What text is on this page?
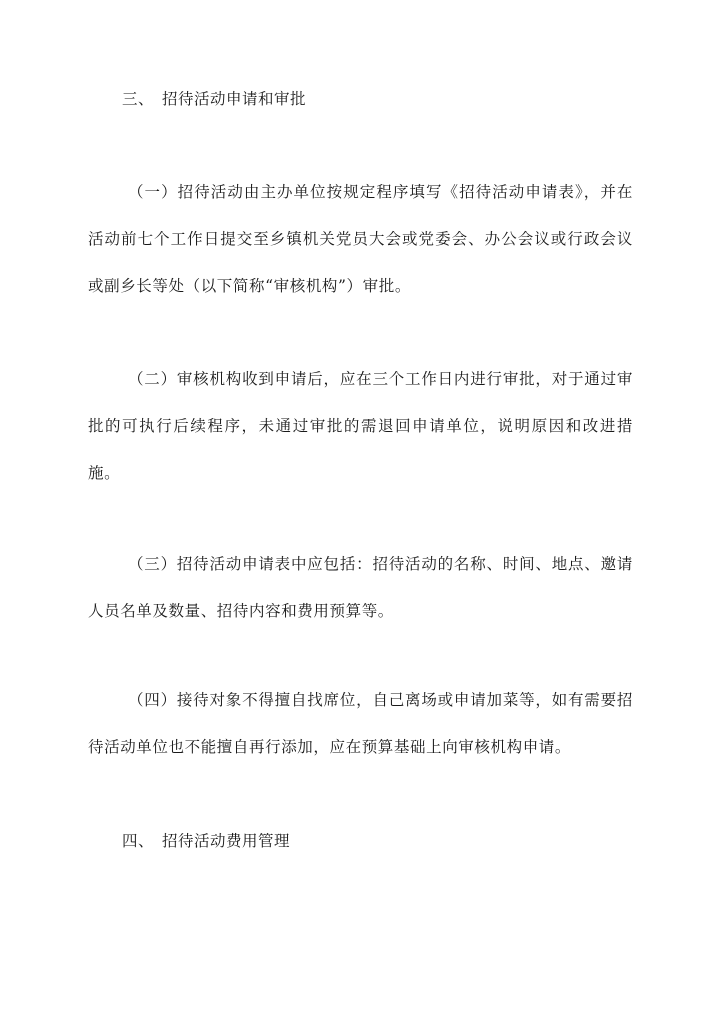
三、 招待活动申请和审批
（一）招待活动由主办单位按规定程序填写《招待活动申请表》，并在活动前七个工作日提交至乡镇机关党员大会或党委会、办公会议或行政会议或副乡长等处（以下简称“审核机构”）审批。
（二）审核机构收到申请后，应在三个工作日内进行审批，对于通过审批的可执行后续程序，未通过审批的需退回申请单位，说明原因和改进措施。
（三）招待活动申请表中应包括：招待活动的名称、时间、地点、邀请人员名单及数量、招待内容和费用预算等。
（四）接待对象不得擅自找席位，自己离场或申请加菜等，如有需要招待活动单位也不能擅自再行添加，应在预算基础上向审核机构申请。
四、 招待活动费用管理
